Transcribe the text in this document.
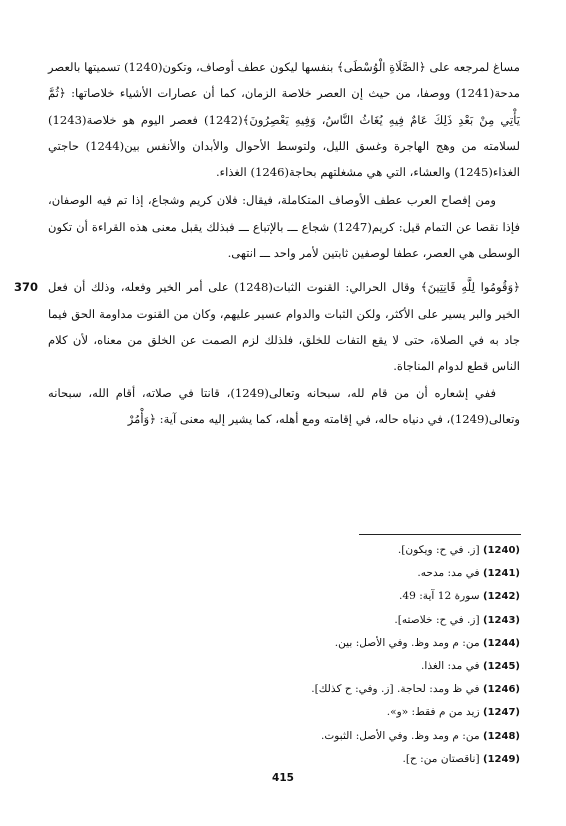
مساغ لمرجعه على ﴿الصَّلَاةِ الْوُسْطَى﴾ بنفسها ليكون عطف أوصاف، وتكون(1240) تسميتها بالعصر مدحة(1241) ووصفا، من حيث إن العصر خلاصة الزمان، كما أن عصارات الأشياء خلاصاتها: ﴿ثُمَّ يَأْتِي مِنْ بَعْدِ ذَلِكَ عَامٌ فِيهِ يُغَاثُ النَّاسُ، وَفِيهِ يَعْصِرُونَ﴾(1242) فعصر اليوم هو خلاصة(1243) لسلامته من وهج الهاجرة وغسق الليل، ولتوسط الأحوال والأبدان والأنفس بين(1244) حاجتي الغذاء(1245) والعشاء، التي هي مشغلتهم بحاجة(1246) الغذاء.

ومن إفصاح العرب عطف الأوصاف المتكاملة، فيقال: فلان كريم وشجاع، إذا تم فيه الوصفان، فإذا نقصا عن التمام قيل: كريم(1247) شجاع ـــ بالإتباع ـــ فبذلك يقبل معنى هذه القراءة أن تكون الوسطى هي العصر، عطفا لوصفين ثابتين لأمر واحد ـــ انتهى.

370 ﴿وَقُومُوا لِلَّهِ قَانِتِينَ﴾ وقال الحرالي: القنوت الثبات(1248) على أمر الخير وفعله، وذلك أن فعل الخير والبر يسير على الأكثر، ولكن الثبات والدوام عسير عليهم، وكان من القنوت مداومة الحق فيما جاد به في الصلاة، حتى لا يقع التفات للخلق، فلذلك لزم الصمت عن الخلق من معناه، لأن كلام الناس قطع لدوام المناجاة.

ففي إشعاره أن من قام لله، سبحانه وتعالى(1249)، قانتا في صلاته، أقام الله، سبحانه وتعالى(1249)، في دنياه حاله، في إقامته ومع أهله، كما يشير إليه معنى آية: ﴿وَأْمُرْ

(1240) [ز. في ح: ويكون].

(1241) في مد: مدحه.

(1242) سورة 12 آية: 49.

(1243) [ز. في ح: خلاصته].

(1244) من: م ومد وظ. وفي الأصل: بين.

(1245) في مد: الغذا.

(1246) في ظ ومد: لحاجة. [ز. وفي: ح كذلك].

(1247) زيد من م فقط: «و».

(1248) من: م ومد وظ. وفي الأصل: الثبوت.

(1249) [ناقصتان من: ح].

415
